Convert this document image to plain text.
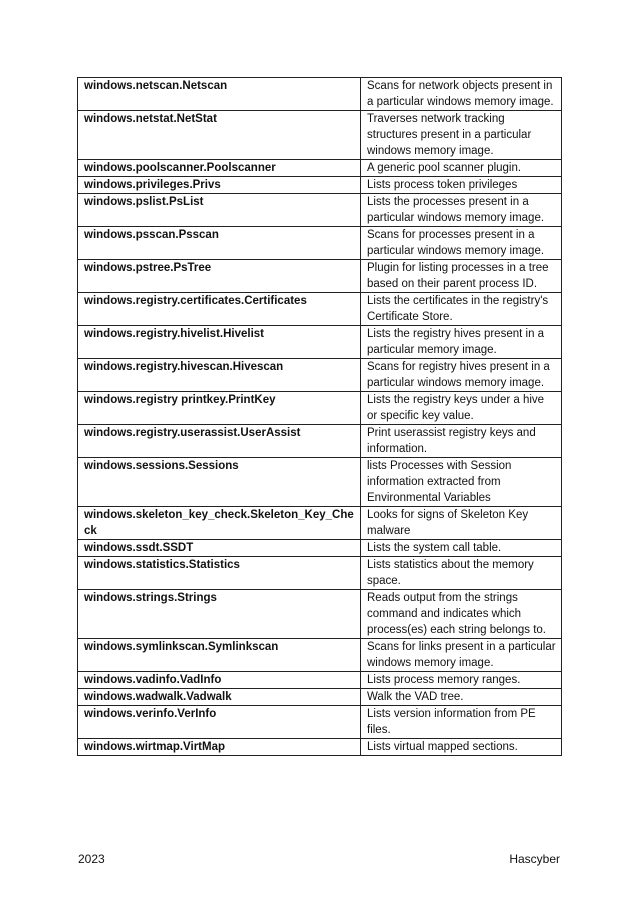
windows.netscan.Netscan	Scans for network objects present in a particular windows memory image.
windows.netstat.NetStat	Traverses network tracking structures present in a particular windows memory image.
windows.poolscanner.Poolscanner	A generic pool scanner plugin.
windows.privileges.Privs	Lists process token privileges
windows.pslist.PsList	Lists the processes present in a particular windows memory image.
windows.psscan.Psscan	Scans for processes present in a particular windows memory image.
windows.pstree.PsTree	Plugin for listing processes in a tree based on their parent process ID.
windows.registry.certificates.Certificates	Lists the certificates in the registry's Certificate Store.
windows.registry.hivelist.Hivelist	Lists the registry hives present in a particular memory image.
windows.registry.hivescan.Hivescan	Scans for registry hives present in a particular windows memory image.
windows.registry printkey.PrintKey	Lists the registry keys under a hive or specific key value.
windows.registry.userassist.UserAssist	Print userassist registry keys and information.
windows.sessions.Sessions	lists Processes with Session information extracted from Environmental Variables
windows.skeleton_key_check.Skeleton_Key_Check	Looks for signs of Skeleton Key malware
windows.ssdt.SSDT	Lists the system call table.
windows.statistics.Statistics	Lists statistics about the memory space.
windows.strings.Strings	Reads output from the strings command and indicates which process(es) each string belongs to.
windows.symlinkscan.Symlinkscan	Scans for links present in a particular windows memory image.
windows.vadinfo.VadInfo	Lists process memory ranges.
windows.wadwalk.Vadwalk	Walk the VAD tree.
windows.verinfo.VerInfo	Lists version information from PE files.
windows.wirtmap.VirtMap	Lists virtual mapped sections.
2023	Hascyber
